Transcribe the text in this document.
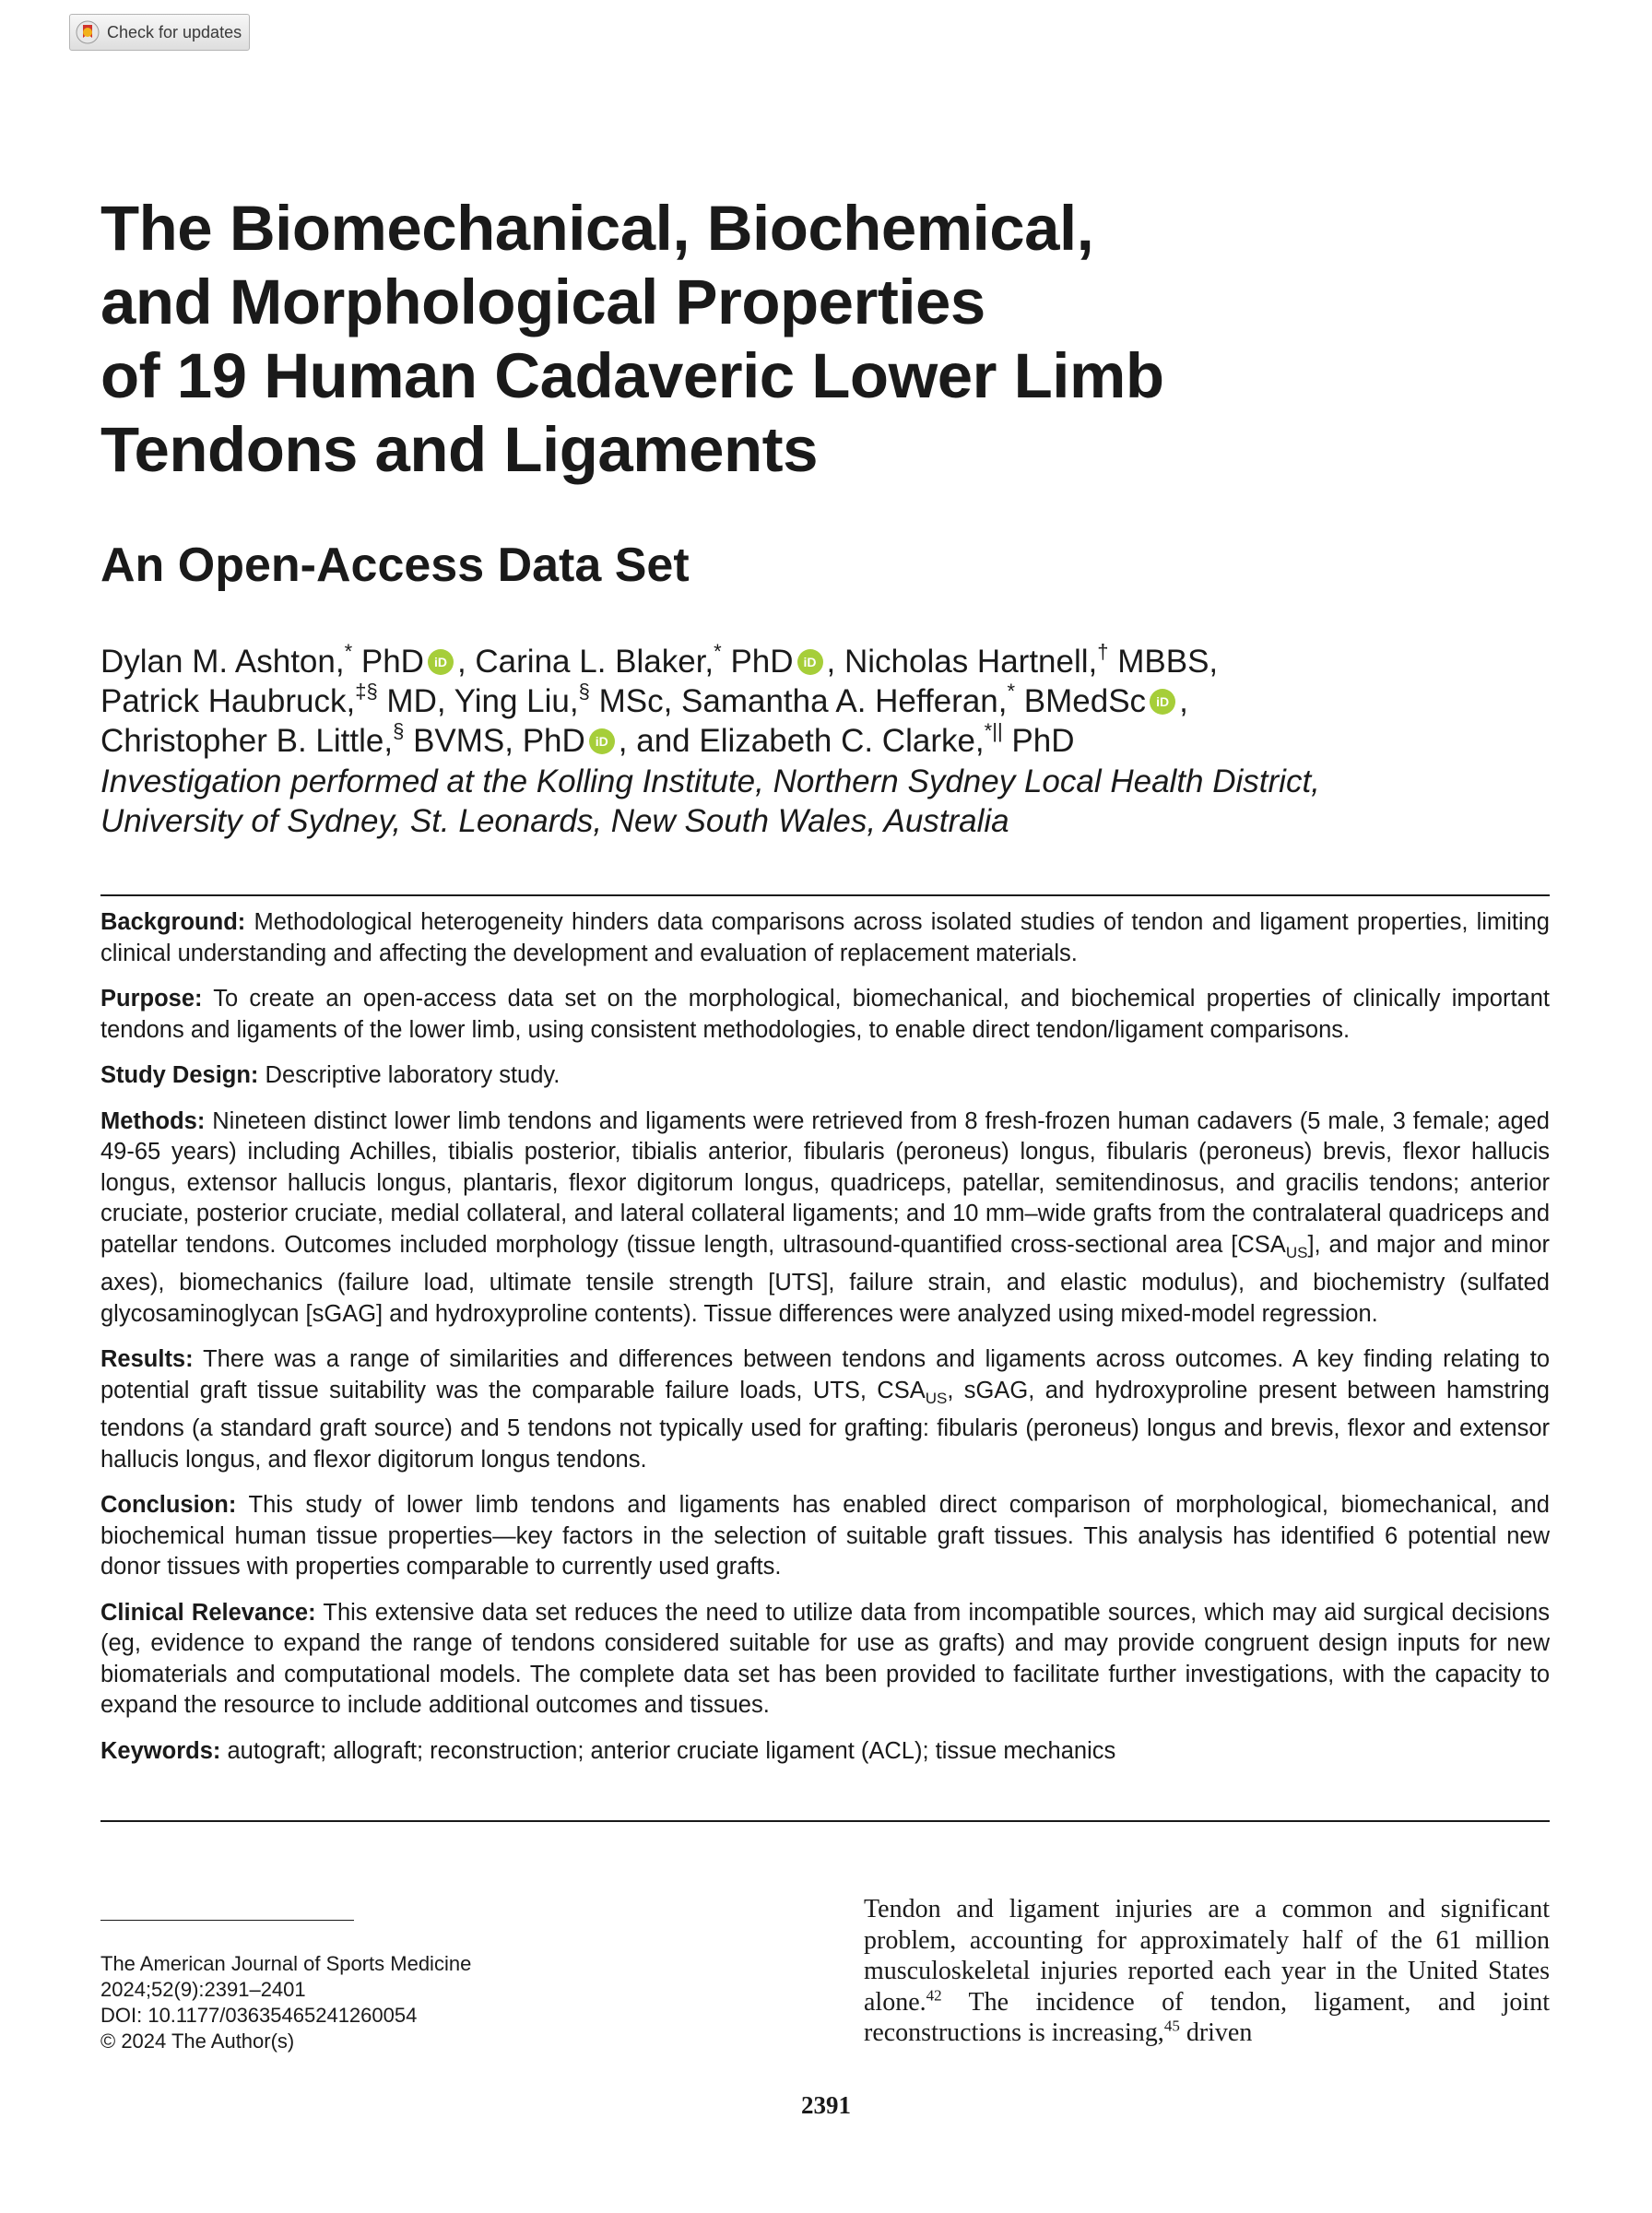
Check for updates
The Biomechanical, Biochemical,
and Morphological Properties
of 19 Human Cadaveric Lower Limb
Tendons and Ligaments
An Open-Access Data Set
Dylan M. Ashton,* PhD iD , Carina L. Blaker,* PhD iD , Nicholas Hartnell,† MBBS,
Patrick Haubruck,‡§ MD, Ying Liu,§ MSc, Samantha A. Hefferan,* BMedSc iD ,
Christopher B. Little,§ BVMS, PhD iD , and Elizabeth C. Clarke,*|| PhD
Investigation performed at the Kolling Institute, Northern Sydney Local Health District,
University of Sydney, St. Leonards, New South Wales, Australia

Background: Methodological heterogeneity hinders data comparisons across isolated studies of tendon and ligament properties, limiting clinical understanding and affecting the development and evaluation of replacement materials.

Purpose: To create an open-access data set on the morphological, biomechanical, and biochemical properties of clinically important tendons and ligaments of the lower limb, using consistent methodologies, to enable direct tendon/ligament comparisons.

Study Design: Descriptive laboratory study.

Methods: Nineteen distinct lower limb tendons and ligaments were retrieved from 8 fresh-frozen human cadavers (5 male, 3 female; aged 49-65 years) including Achilles, tibialis posterior, tibialis anterior, fibularis (peroneus) longus, fibularis (peroneus) brevis, flexor hallucis longus, extensor hallucis longus, plantaris, flexor digitorum longus, quadriceps, patellar, semitendinosus, and gracilis tendons; anterior cruciate, posterior cruciate, medial collateral, and lateral collateral ligaments; and 10 mm–wide grafts from the contralateral quadriceps and patellar tendons. Outcomes included morphology (tissue length, ultrasound-quantified cross-sectional area $[CSA_{US}]$, and major and minor axes), biomechanics (failure load, ultimate tensile strength [UTS], failure strain, and elastic modulus), and biochemistry (sulfated glycosaminoglycan [sGAG] and hydroxyproline contents). Tissue differences were analyzed using mixed-model regression.

Results: There was a range of similarities and differences between tendons and ligaments across outcomes. A key finding relating to potential graft tissue suitability was the comparable failure loads, UTS, $CSA_{US}$, sGAG, and hydroxyproline present between hamstring tendons (a standard graft source) and 5 tendons not typically used for grafting: fibularis (peroneus) longus and brevis, flexor and extensor hallucis longus, and flexor digitorum longus tendons.

Conclusion: This study of lower limb tendons and ligaments has enabled direct comparison of morphological, biomechanical, and biochemical human tissue properties—key factors in the selection of suitable graft tissues. This analysis has identified 6 potential new donor tissues with properties comparable to currently used grafts.

Clinical Relevance: This extensive data set reduces the need to utilize data from incompatible sources, which may aid surgical decisions (eg, evidence to expand the range of tendons considered suitable for use as grafts) and may provide congruent design inputs for new biomaterials and computational models. The complete data set has been provided to facilitate further investigations, with the capacity to expand the resource to include additional outcomes and tissues.

Keywords: autograft; allograft; reconstruction; anterior cruciate ligament (ACL); tissue mechanics

The American Journal of Sports Medicine
2024;52(9):2391–2401
DOI: 10.1177/03635465241260054
© 2024 The Author(s)
Tendon and ligament injuries are a common and significant problem, accounting for approximately half of the 61 million musculoskeletal injuries reported each year in the United States alone.$^{42}$ The incidence of tendon, ligament, and joint reconstructions is increasing,$^{45}$ driven
2391
